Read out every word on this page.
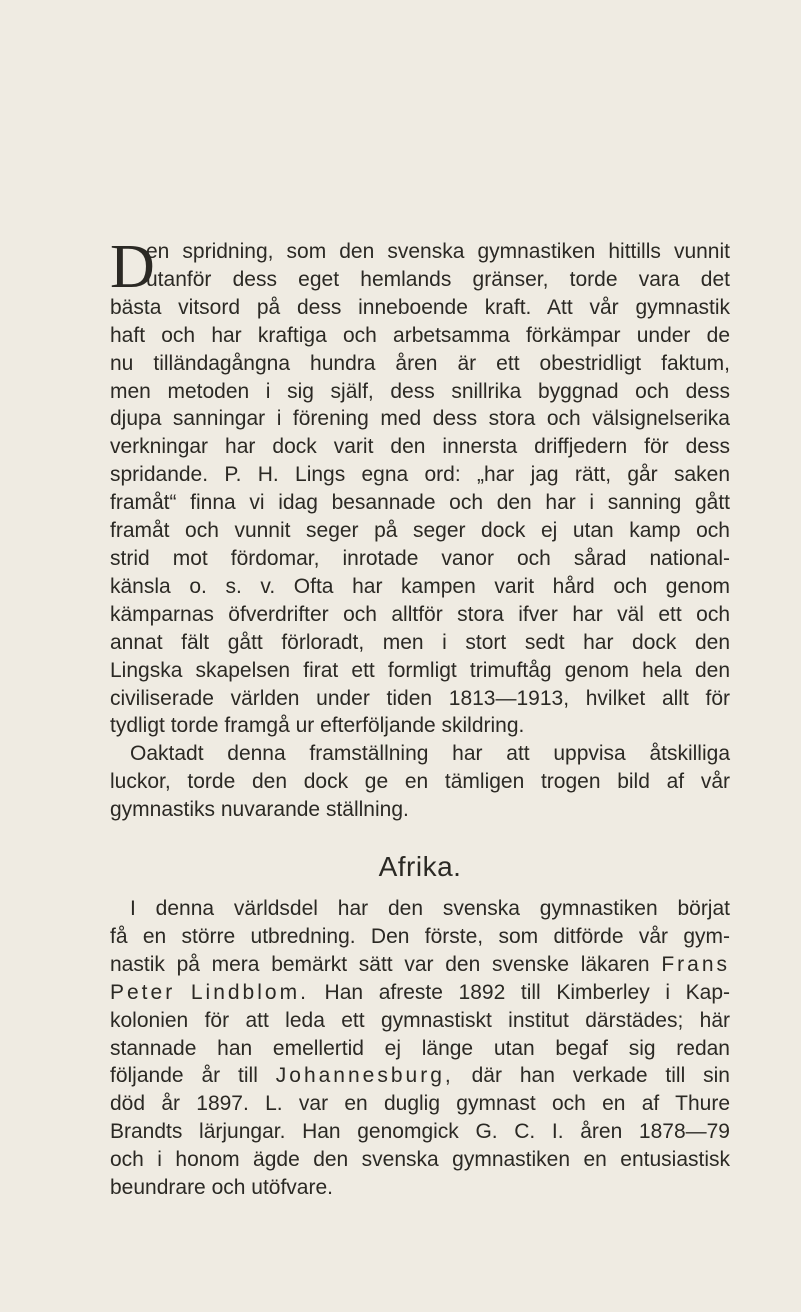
D
en spridning, som den svenska gymnastiken hittills vunnit
utanför dess eget hemlands gränser, torde vara det
bästa vitsord på dess inneboende kraft. Att vår gymnastik
haft och har kraftiga och arbetsamma förkämpar under de
nu tilländagångna hundra åren är ett obestridligt faktum,
men metoden i sig själf, dess snillrika byggnad och dess
djupa sanningar i förening med dess stora och välsignelserika
verkningar har dock varit den innersta driffjedern för dess
spridande. P. H. Lings egna ord: „har jag rätt, går saken
framåt“ finna vi idag besannade och den har i sanning gått
framåt och vunnit seger på seger dock ej utan kamp och
strid mot fördomar, inrotade vanor och sårad national-
känsla o. s. v. Ofta har kampen varit hård och genom
kämparnas öfverdrifter och alltför stora ifver har väl ett och
annat fält gått förloradt, men i stort sedt har dock den
Lingska skapelsen firat ett formligt trimuftåg genom hela den
civiliserade världen under tiden 1813—1913, hvilket allt för
tydligt torde framgå ur efterföljande skildring.
Oaktadt denna framställning har att uppvisa åtskilliga
luckor, torde den dock ge en tämligen trogen bild af vår
gymnastiks nuvarande ställning.
Afrika.
I denna världsdel har den svenska gymnastiken börjat
få en större utbredning. Den förste, som ditförde vår gym-
nastik på mera bemärkt sätt var den svenske läkaren Frans
Peter Lindblom. Han afreste 1892 till Kimberley i Kap-
kolonien för att leda ett gymnastiskt institut därstädes; här
stannade han emellertid ej länge utan begaf sig redan
följande år till Johannesburg, där han verkade till sin
död år 1897. L. var en duglig gymnast och en af Thure
Brandts lärjungar. Han genomgick G. C. I. åren 1878—79
och i honom ägde den svenska gymnastiken en entusiastisk
beundrare och utöfvare.
